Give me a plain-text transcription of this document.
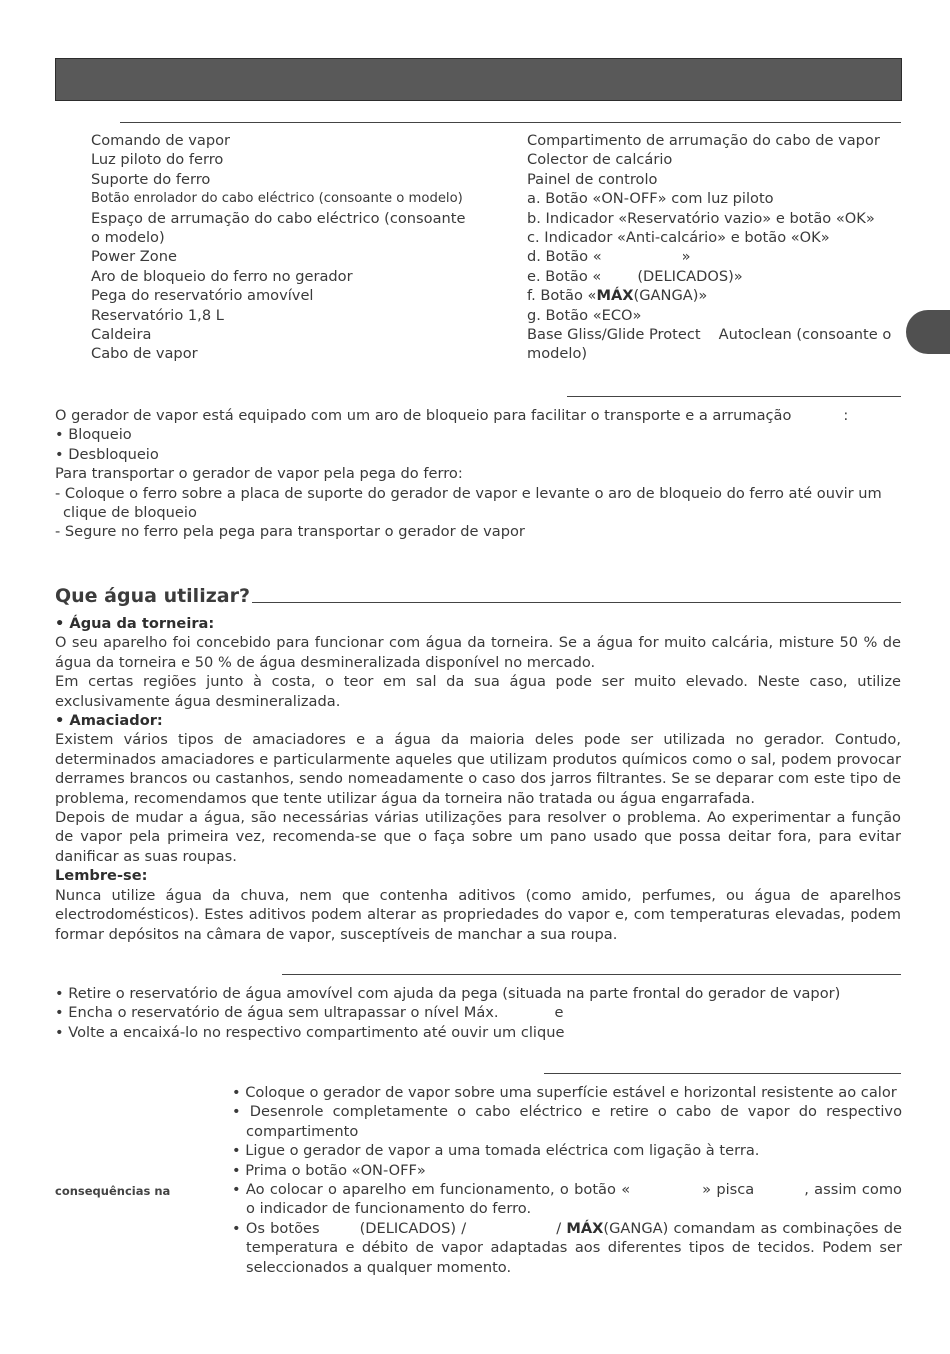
Comando de vapor
Luz piloto do ferro
Suporte do ferro
Botão enrolador do cabo eléctrico (consoante o modelo)
Espaço de arrumação do cabo eléctrico (consoante
o modelo)
Power Zone
Aro de bloqueio do ferro no gerador
Pega do reservatório amovível
Reservatório 1,8 L
Caldeira
Cabo de vapor
Compartimento de arrumação do cabo de vapor
Colector de calcário
Painel de controlo
a. Botão «ON-OFF» com luz piloto
b. Indicador «Reservatório vazio» e botão «OK»
c. Indicador «Anti-calcário» e botão «OK»
d. Botão «	»
e. Botão « (DELICADOS)»
f. Botão «MÁX(GANGA)»
g. Botão «ECO»
Base Gliss/Glide Protect Autoclean (consoante o
modelo)

O gerador de vapor está equipado com um aro de bloqueio para facilitar o transporte e a arrumação	:

• Bloqueio

• Desbloqueio

Para transportar o gerador de vapor pela pega do ferro:

- Coloque o ferro sobre a placa de suporte do gerador de vapor e levante o aro de bloqueio do ferro até ouvir um clique de bloqueio

- Segure no ferro pela pega para transportar o gerador de vapor

Que água utilizar?

• Água da torneira:

O seu aparelho foi concebido para funcionar com água da torneira. Se a água for muito calcária, misture 50 % de água da torneira e 50 % de água desmineralizada disponível no mercado.

Em certas regiões junto à costa, o teor em sal da sua água pode ser muito elevado. Neste caso, utilize exclusivamente água desmineralizada.

• Amaciador:

Existem vários tipos de amaciadores e a água da maioria deles pode ser utilizada no gerador. Contudo, determinados amaciadores e particularmente aqueles que utilizam produtos químicos como o sal, podem provocar derrames brancos ou castanhos, sendo nomeadamente o caso dos jarros filtrantes. Se se deparar com este tipo de problema, recomendamos que tente utilizar água da torneira não tratada ou água engarrafada.

Depois de mudar a água, são necessárias várias utilizações para resolver o problema. Ao experimentar a função de vapor pela primeira vez, recomenda-se que o faça sobre um pano usado que possa deitar fora, para evitar danificar as suas roupas.

Lembre-se:

Nunca utilize água da chuva, nem que contenha aditivos (como amido, perfumes, ou água de aparelhos electrodomésticos). Estes aditivos podem alterar as propriedades do vapor e, com temperaturas elevadas, podem formar depósitos na câmara de vapor, susceptíveis de manchar a sua roupa.

• Retire o reservatório de água amovível com ajuda da pega (situada na parte frontal do gerador de vapor)

• Encha o reservatório de água sem ultrapassar o nível Máx.	e

• Volte a encaixá-lo no respectivo compartimento até ouvir um clique

consequências na
• Coloque o gerador de vapor sobre uma superfície estável e horizontal resistente ao calor
• Desenrole completamente o cabo eléctrico e retire o cabo de vapor do respectivo compartimento
• Ligue o gerador de vapor a uma tomada eléctrica com ligação à terra.
• Prima o botão «ON-OFF»
• Ao colocar o aparelho em funcionamento, o botão «	» pisca	, assim como o indicador de funcionamento do ferro.
• Os botões	(DELICADOS) /	/ MÁX(GANGA) comandam as combinações de temperatura e débito de vapor adaptadas aos diferentes tipos de tecidos. Podem ser seleccionados a qualquer momento.
